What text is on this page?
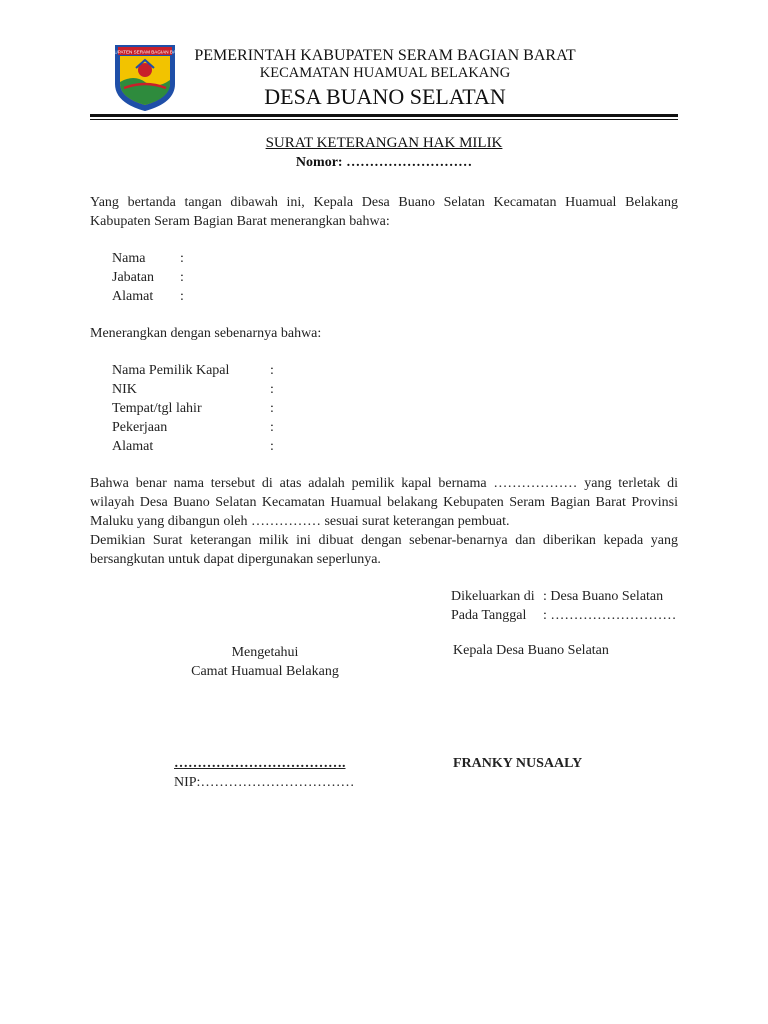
KABUPATEN SERAM BAGIAN BARAT PEMERINTAH KABUPATEN SERAM BAGIAN BARAT
KECAMATAN HUAMUAL BELAKANG
DESA BUANO SELATAN
SURAT KETERANGAN HAK MILIK
Nomor: ………………………

Yang bertanda tangan dibawah ini, Kepala Desa Buano Selatan Kecamatan Huamual Belakang Kabupaten Seram Bagian Barat menerangkan bahwa:

Nama :
Jabatan :
Alamat :
Menerangkan dengan sebenarnya bahwa:
Nama Pemilik Kapal	:
NIK	:
Tempat/tgl lahir	:
Pekerjaan	:
Alamat	:

Bahwa benar nama tersebut di atas adalah pemilik kapal bernama ……………… yang terletak di wilayah Desa Buano Selatan Kecamatan Huamual belakang Kebupaten Seram Bagian Barat Provinsi Maluku yang dibangun oleh …………… sesuai surat keterangan pembuat.

Demikian Surat keterangan milik ini dibuat dengan sebenar-benarnya dan diberikan kepada yang bersangkutan untuk dapat dipergunakan seperlunya.

Dikeluarkan di : Desa Buano Selatan
Pada Tanggal : ………………………
Mengetahui
Camat Huamual Belakang
……………………………….
NIP:……………………………
Kepala Desa Buano Selatan
FRANKY NUSAALY
